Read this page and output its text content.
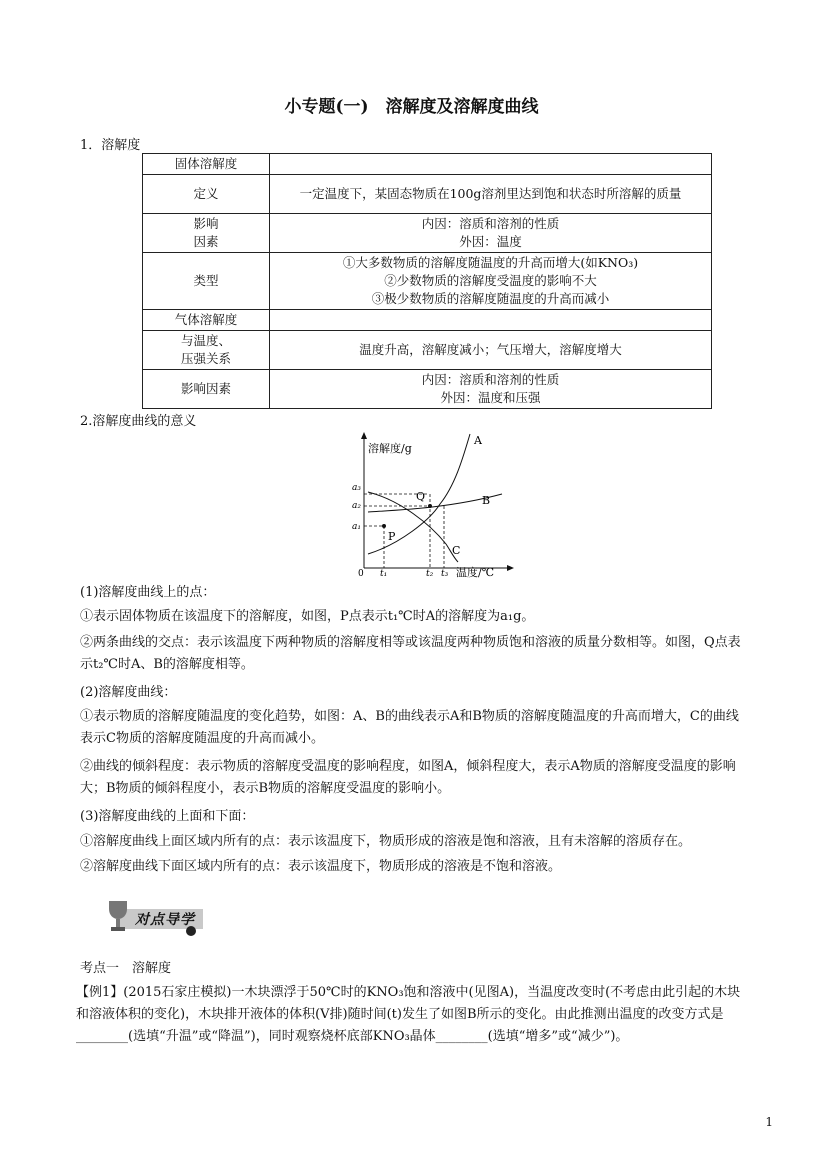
小专题(一)　溶解度及溶解度曲线
1．溶解度
固体溶解度	
定义	一定温度下，某固态物质在100g溶剂里达到饱和状态时所溶解的质量
影响
因素	内因：溶质和溶剂的性质
外因：温度
类型	①大多数物质的溶解度随温度的升高而增大(如KNO₃)
②少数物质的溶解度受温度的影响不大
③极少数物质的溶解度随温度的升高而减小
气体溶解度	
与温度、
压强关系	温度升高，溶解度减小；气压增大，溶解度增大
影响因素	内因：溶质和溶剂的性质
外因：温度和压强
2.溶解度曲线的意义
溶解度/g
温度/℃
0
a₃
a₂
a₁
t₁	t₂ t₃
A
B
C
P
Q
(1)溶解度曲线上的点：
①表示固体物质在该温度下的溶解度，如图，P点表示t₁℃时A的溶解度为a₁g。
②两条曲线的交点：表示该温度下两种物质的溶解度相等或该温度两种物质饱和溶液的质量分数相等。如图，Q点表示t₂℃时A、B的溶解度相等。
(2)溶解度曲线：
①表示物质的溶解度随温度的变化趋势，如图：A、B的曲线表示A和B物质的溶解度随温度的升高而增大，C的曲线表示C物质的溶解度随温度的升高而减小。
②曲线的倾斜程度：表示物质的溶解度受温度的影响程度，如图A，倾斜程度大，表示A物质的溶解度受温度的影响大；B物质的倾斜程度小，表示B物质的溶解度受温度的影响小。
(3)溶解度曲线的上面和下面：
①溶解度曲线上面区域内所有的点：表示该温度下，物质形成的溶液是饱和溶液，且有未溶解的溶质存在。
②溶解度曲线下面区域内所有的点：表示该温度下，物质形成的溶液是不饱和溶液。
对点导学
考点一　溶解度
【例1】(2015石家庄模拟)一木块漂浮于50℃时的KNO₃饱和溶液中(见图A)，当温度改变时(不考虑由此引起的木块和溶液体积的变化)，木块排开液体的体积(V排)随时间(t)发生了如图B所示的变化。由此推测出温度的改变方式是________(选填“升温”或“降温”)，同时观察烧杯底部KNO₃晶体________(选填“增多”或“减少”)。
1
